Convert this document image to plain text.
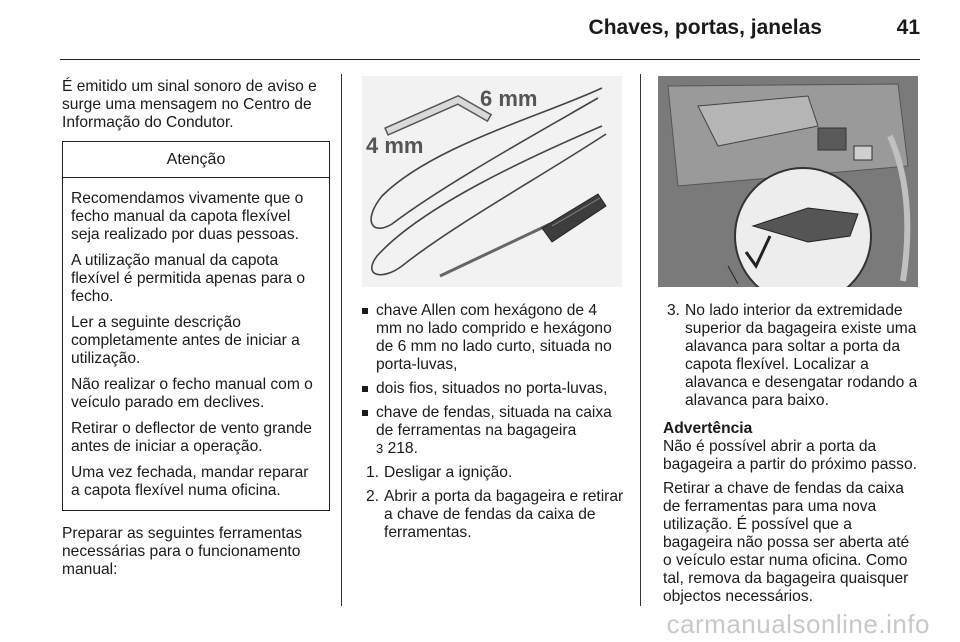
Chaves, portas, janelas	41

É emitido um sinal sonoro de aviso e surge uma mensagem no Centro de Informação do Condutor.

Atenção

Recomendamos vivamente que o fecho manual da capota flexível seja realizado por duas pessoas.

A utilização manual da capota flexível é permitida apenas para o fecho.

Ler a seguinte descrição completamente antes de iniciar a utilização.

Não realizar o fecho manual com o veículo parado em declives.

Retirar o deflector de vento grande antes de iniciar a operação.

Uma vez fechada, mandar reparar a capota flexível numa oficina.

Preparar as seguintes ferramentas necessárias para o funcionamento manual:

6 mm
4 mm
chave Allen com hexágono de 4 mm no lado comprido e hexágono de 6 mm no lado curto, situada no porta-luvas,
dois fios, situados no porta-luvas,
chave de fendas, situada na caixa de ferramentas na bagageira
3 218.
1. Desligar a ignição.
2. Abrir a porta da bagageira e retirar a chave de fendas da caixa de ferramentas.
3. No lado interior da extremidade superior da bagageira existe uma alavanca para soltar a porta da capota flexível. Localizar a alavanca e desengatar rodando a alavanca para baixo.
Advertência

Não é possível abrir a porta da bagageira a partir do próximo passo.

Retirar a chave de fendas da caixa de ferramentas para uma nova utilização. É possível que a bagageira não possa ser aberta até o veículo estar numa oficina. Como tal, remova da bagageira quaisquer objectos necessários.

carmanualsonline.info
